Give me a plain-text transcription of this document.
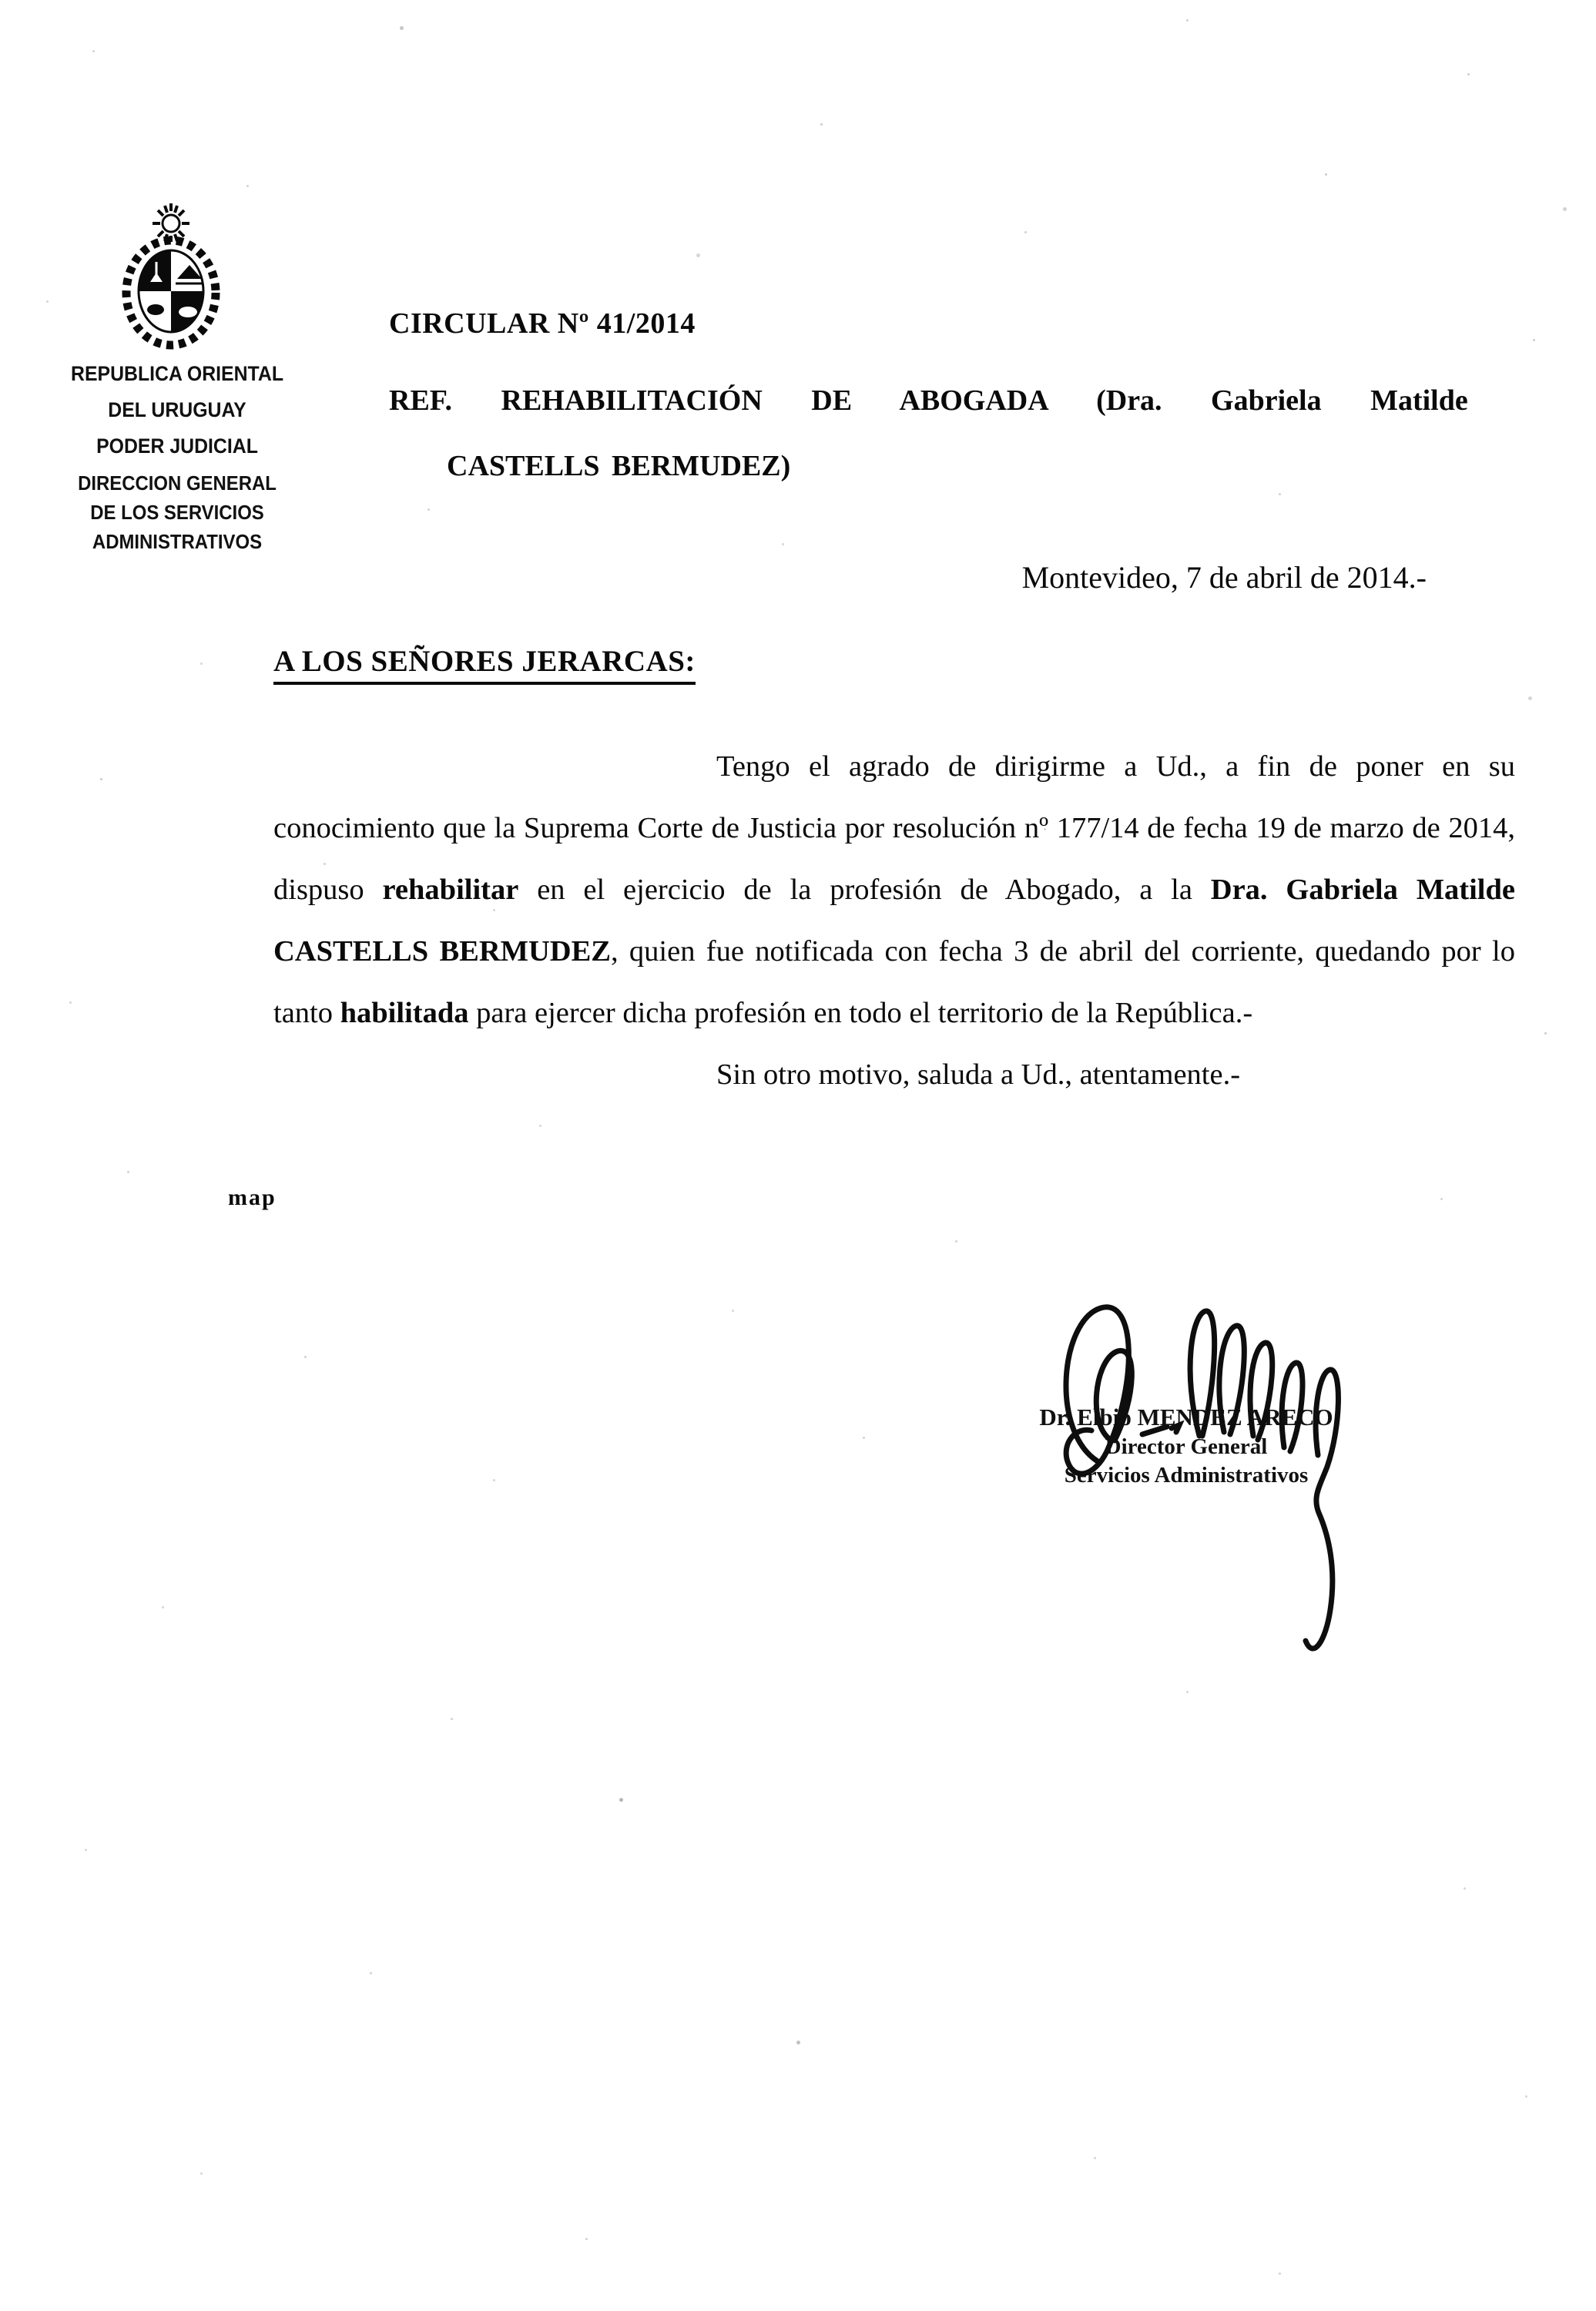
REPUBLICA ORIENTAL
DEL URUGUAY
PODER JUDICIAL
DIRECCION GENERAL
DE LOS SERVICIOS
ADMINISTRATIVOS
CIRCULAR Nº 41/2014
REF. REHABILITACIÓN DE ABOGADA (Dra. Gabriela Matilde
CASTELLS BERMUDEZ)
Montevideo, 7 de abril de 2014.-
A LOS SEÑORES JERARCAS:

Tengo el agrado de dirigirme a Ud., a fin de poner en su conocimiento que la Suprema Corte de Justicia por resolución nº 177/14 de fecha 19 de marzo de 2014, dispuso rehabilitar en el ejercicio de la profesión de Abogado, a la Dra. Gabriela Matilde CASTELLS BERMUDEZ, quien fue notificada con fecha 3 de abril del corriente, quedando por lo tanto habilitada para ejercer dicha profesión en todo el territorio de la República.-

Sin otro motivo, saluda a Ud., atentamente.-
map
Dr. Elbio MENDEZ ARECO
Director General
Servicios Administrativos
